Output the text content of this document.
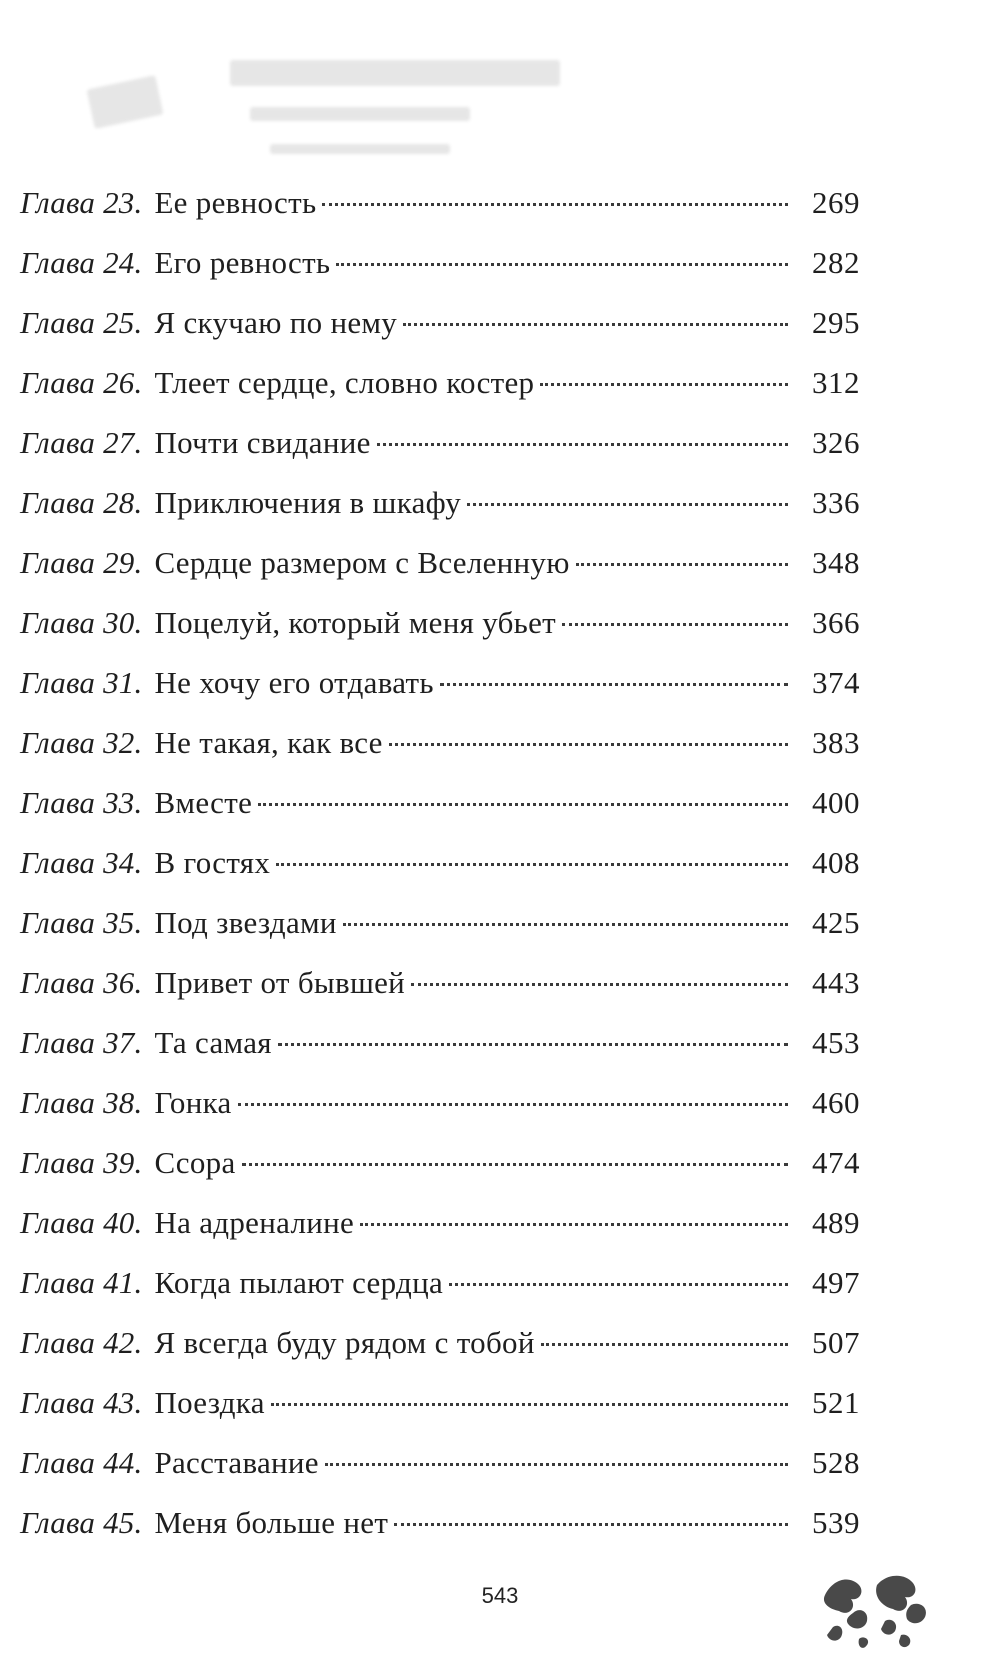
Глава 23. Ее ревность	269
Глава 24. Его ревность	282
Глава 25. Я скучаю по нему	295
Глава 26. Тлеет сердце, словно костер	312
Глава 27. Почти свидание	326
Глава 28. Приключения в шкафу	336
Глава 29. Сердце размером с Вселенную	348
Глава 30. Поцелуй, который меня убьет	366
Глава 31. Не хочу его отдавать	374
Глава 32. Не такая, как все	383
Глава 33. Вместе	400
Глава 34. В гостях	408
Глава 35. Под звездами	425
Глава 36. Привет от бывшей	443
Глава 37. Та самая	453
Глава 38. Гонка	460
Глава 39. Ссора	474
Глава 40. На адреналине	489
Глава 41. Когда пылают сердца	497
Глава 42. Я всегда буду рядом с тобой	507
Глава 43. Поездка	521
Глава 44. Расставание	528
Глава 45. Меня больше нет	539
543
